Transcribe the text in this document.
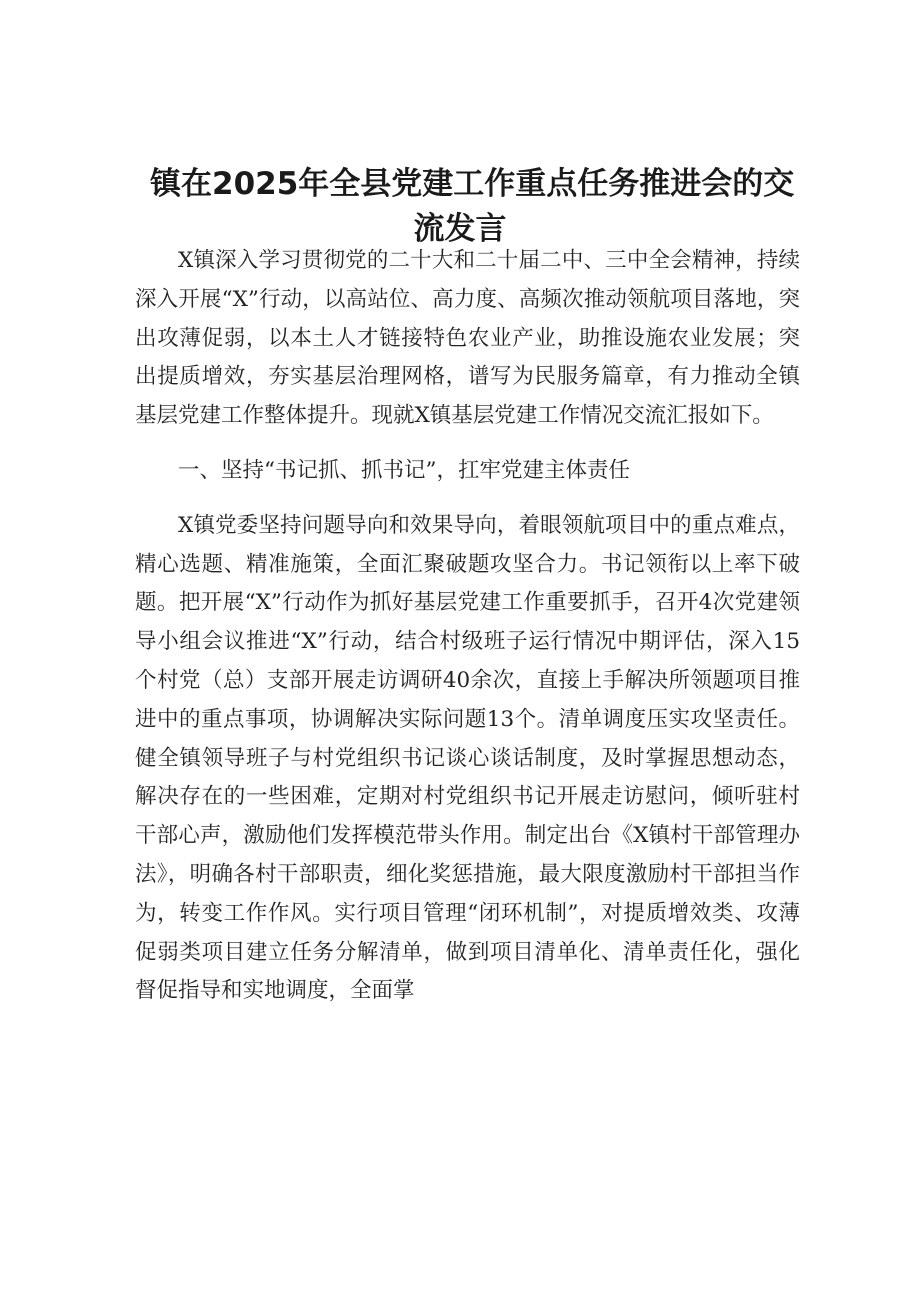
镇在2025年全县党建工作重点任务推进会的交
流发言

X镇深入学习贯彻党的二十大和二十届二中、三中全会精神，持续深入开展“X”行动，以高站位、高力度、高频次推动领航项目落地，突出攻薄促弱，以本土人才链接特色农业产业，助推设施农业发展；突出提质增效，夯实基层治理网格，谱写为民服务篇章，有力推动全镇基层党建工作整体提升。现就X镇基层党建工作情况交流汇报如下。

一、坚持“书记抓、抓书记”，扛牢党建主体责任

X镇党委坚持问题导向和效果导向，着眼领航项目中的重点难点，精心选题、精准施策，全面汇聚破题攻坚合力。书记领衔以上率下破题。把开展“X”行动作为抓好基层党建工作重要抓手，召开4次党建领导小组会议推进“X”行动，结合村级班子运行情况中期评估，深入15个村党（总）支部开展走访调研40余次，直接上手解决所领题项目推进中的重点事项，协调解决实际问题13个。清单调度压实攻坚责任。健全镇领导班子与村党组织书记谈心谈话制度，及时掌握思想动态，解决存在的一些困难，定期对村党组织书记开展走访慰问，倾听驻村干部心声，激励他们发挥模范带头作用。制定出台《X镇村干部管理办法》，明确各村干部职责，细化奖惩措施，最大限度激励村干部担当作为，转变工作作风。实行项目管理“闭环机制”，对提质增效类、攻薄促弱类项目建立任务分解清单，做到项目清单化、清单责任化，强化督促指导和实地调度，全面掌
